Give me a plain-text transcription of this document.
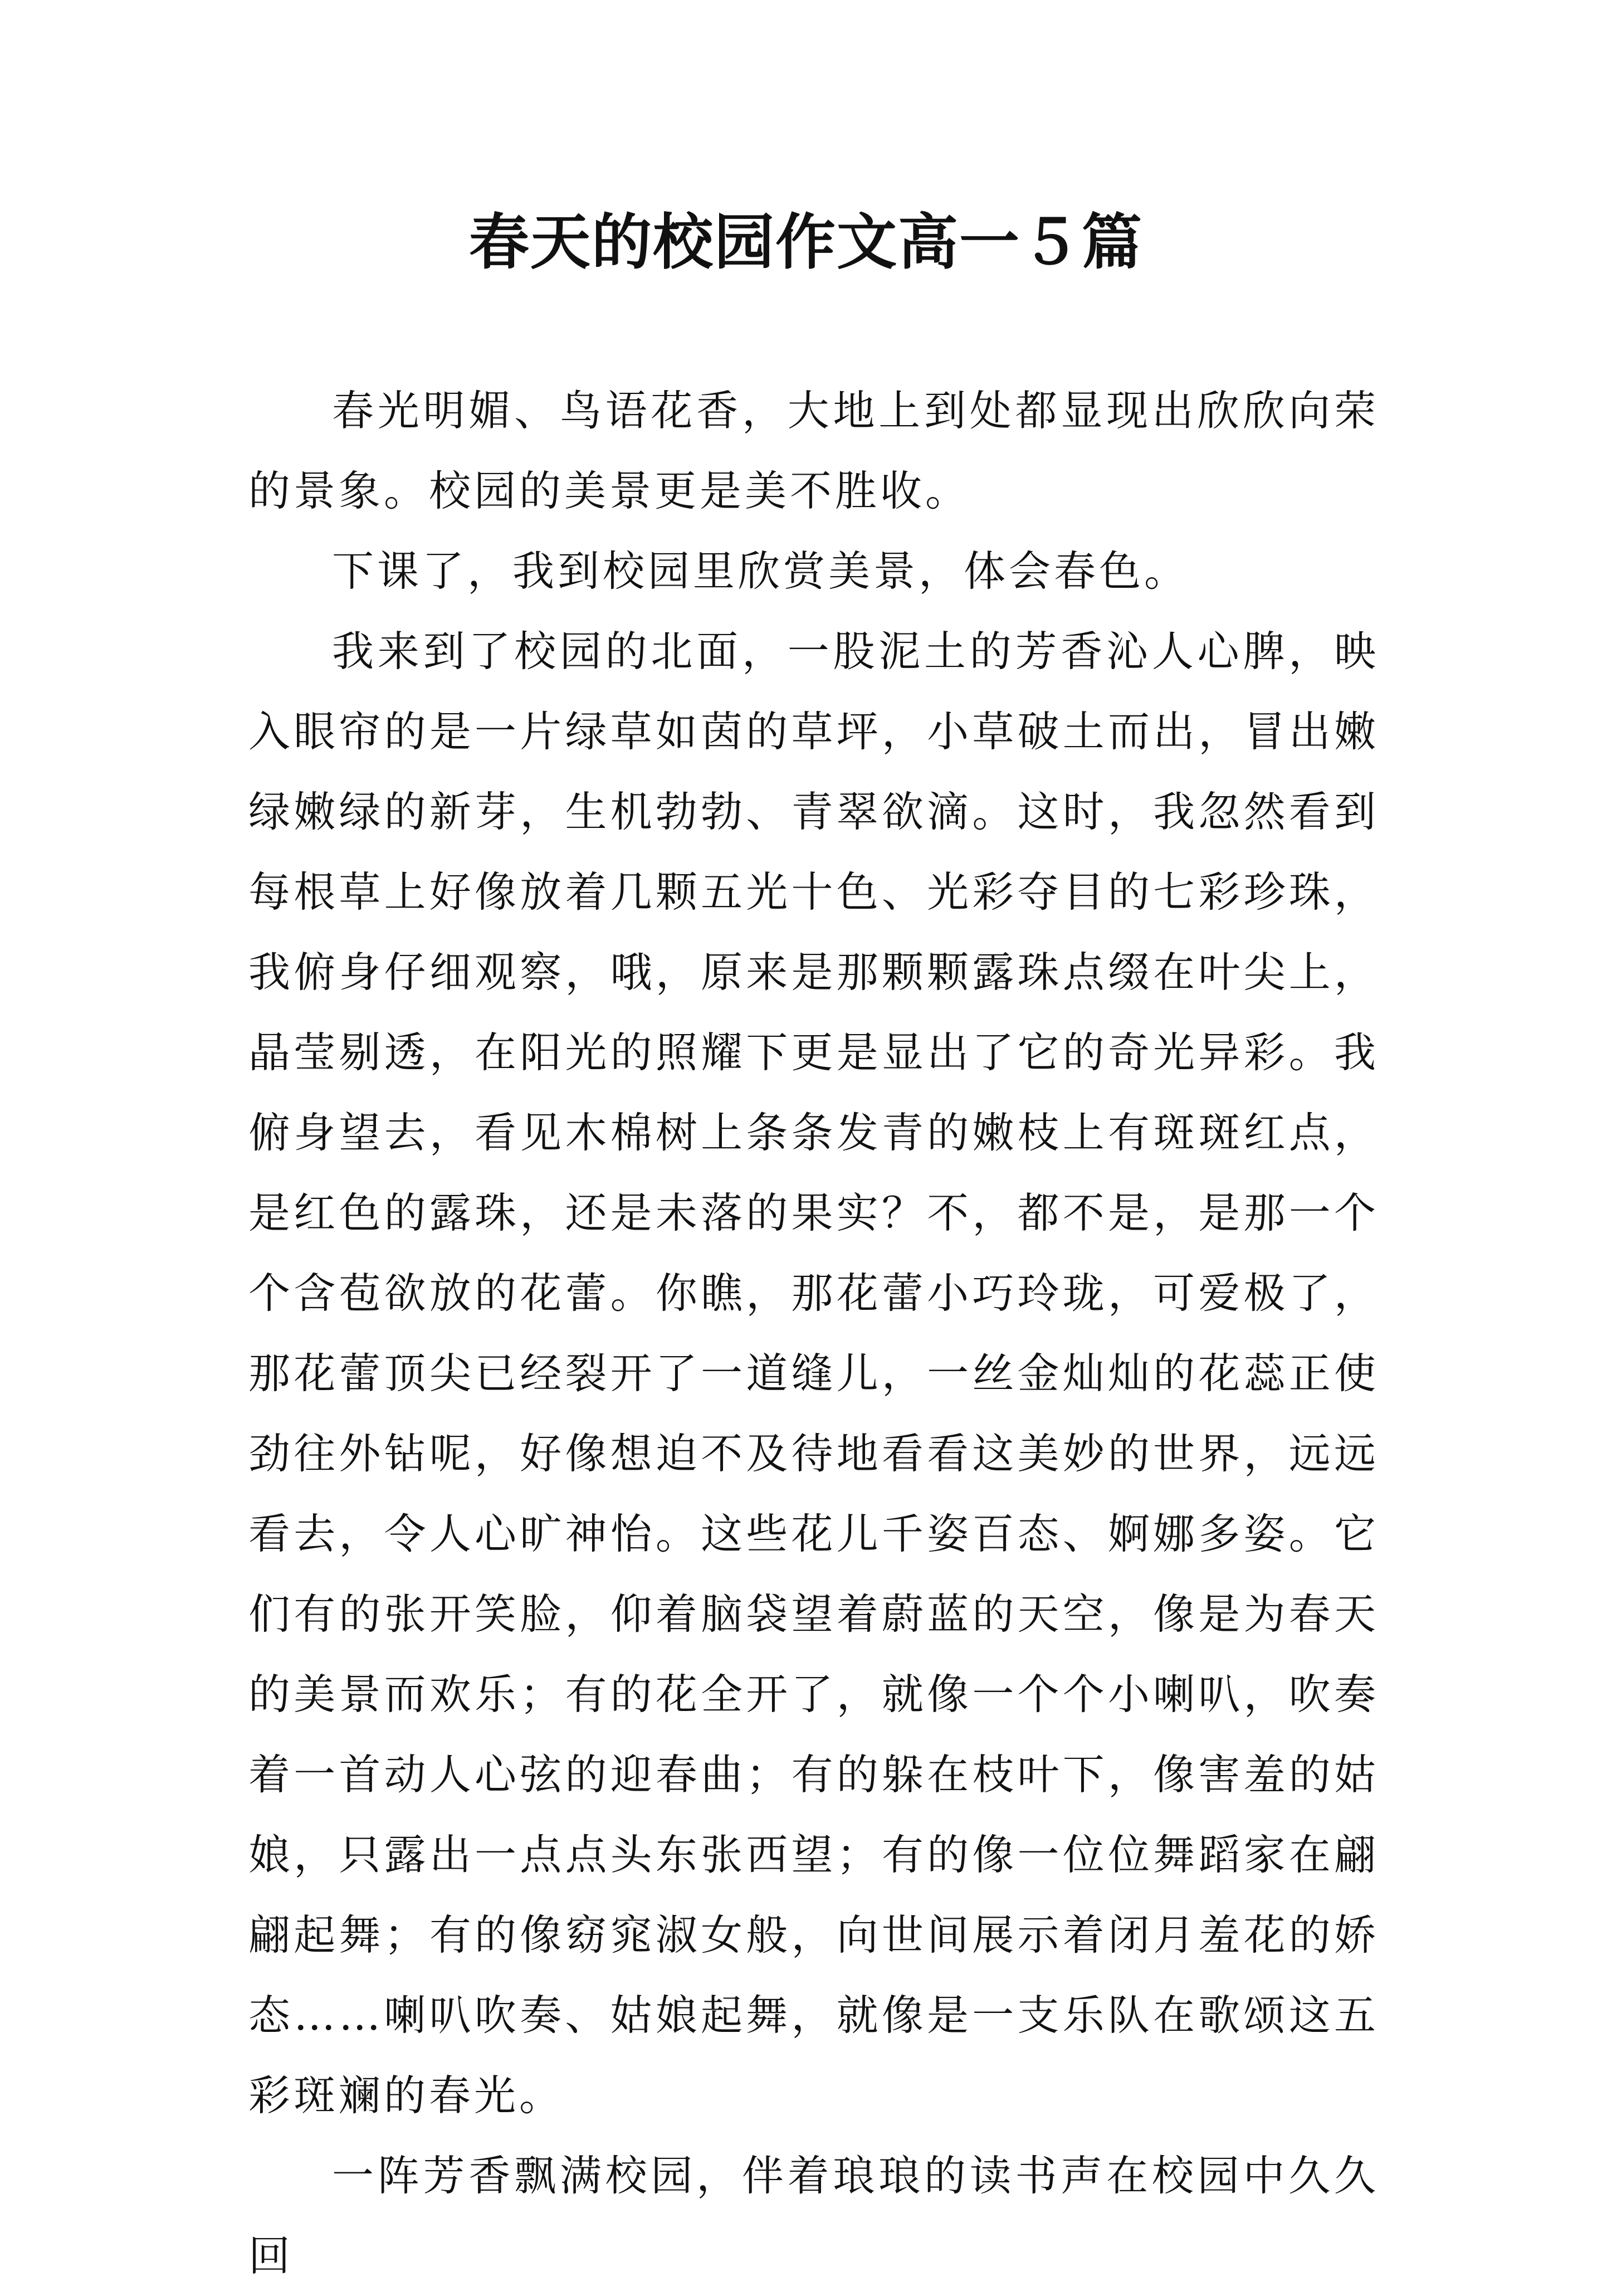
春天的校园作文高一５篇

春光明媚、鸟语花香，大地上到处都显现出欣欣向荣的景象。校园的美景更是美不胜收。

下课了，我到校园里欣赏美景，体会春色。

我来到了校园的北面，一股泥土的芳香沁人心脾，映入眼帘的是一片绿草如茵的草坪，小草破土而出，冒出嫩绿嫩绿的新芽，生机勃勃、青翠欲滴。这时，我忽然看到每根草上好像放着几颗五光十色、光彩夺目的七彩珍珠，我俯身仔细观察，哦，原来是那颗颗露珠点缀在叶尖上，晶莹剔透，在阳光的照耀下更是显出了它的奇光异彩。我俯身望去，看见木棉树上条条发青的嫩枝上有斑斑红点，是红色的露珠，还是未落的果实？不，都不是，是那一个个含苞欲放的花蕾。你瞧，那花蕾小巧玲珑，可爱极了，那花蕾顶尖已经裂开了一道缝儿，一丝金灿灿的花蕊正使劲往外钻呢，好像想迫不及待地看看这美妙的世界，远远看去，令人心旷神怡。这些花儿千姿百态、婀娜多姿。它们有的张开笑脸，仰着脑袋望着蔚蓝的天空，像是为春天的美景而欢乐；有的花全开了，就像一个个小喇叭，吹奏着一首动人心弦的迎春曲；有的躲在枝叶下，像害羞的姑娘，只露出一点点头东张西望；有的像一位位舞蹈家在翩翩起舞；有的像窈窕淑女般，向世间展示着闭月羞花的娇态……喇叭吹奏、姑娘起舞，就像是一支乐队在歌颂这五彩斑斓的春光。

一阵芳香飘满校园，伴着琅琅的读书声在校园中久久回
